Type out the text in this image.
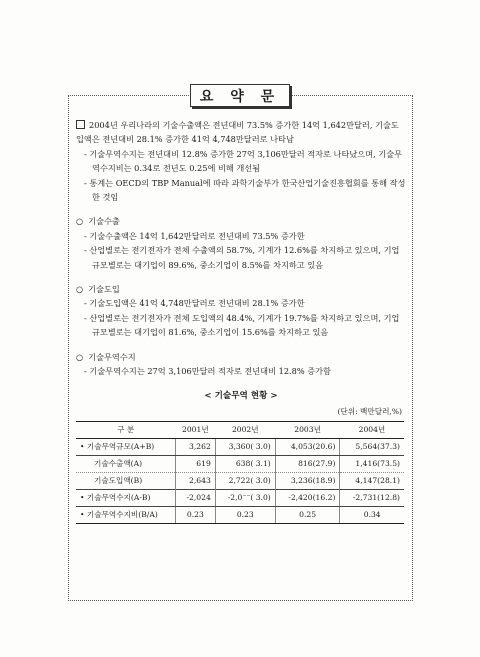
요 약 문

2004년 우리나라의 기술수출액은 전년대비 73.5% 증가한 14억 1,642만달러, 기술도입액은 전년대비 28.1% 증가한 41억 4,748만달러로 나타남

- 기술무역수지는 전년대비 12.8% 증가한 27억 3,106만달러 적자로 나타났으며, 기술무역수지비는 0.34로 전년도 0.25에 비해 개선됨

- 통계는 OECD의 TBP Manual에 따라 과학기술부가 한국산업기술진흥협회를 통해 작성한 것임

○ 기술수출

- 기술수출액은 14억 1,642만달러로 전년대비 73.5% 증가한

- 산업별로는 전기전자가 전체 수출액의 58.7%, 기계가 12.6%를 차지하고 있으며, 기업규모별로는 대기업이 89.6%, 중소기업이 8.5%를 차지하고 있음

○ 기술도입

- 기술도입액은 41억 4,748만달러로 전년대비 28.1% 증가한

- 산업별로는 전기전자가 전체 도입액의 48.4%, 기계가 19.7%를 차지하고 있으며, 기업규모별로는 대기업이 81.6%, 중소기업이 15.6%를 차지하고 있음

○ 기술무역수지

- 기술무역수지는 27억 3,106만달러 적자로 전년대비 12.8% 증가함

< 기술무역 현황 >
(단위: 백만달러,%)
구 분	2001년	2002년	2003년	2004년
• 기술무역규모(A+B)	3,262	3,360( 3.0)	4,053(20.6)	5,564(37.3)
기술수출액(A)	619	638( 3.1)	816(27.9)	1,416(73.5)
기술도입액(B)	2,643	2,722( 3.0)	3,236(18.9)	4,147(28.1)
• 기술무역수지(A-B)	-2,024	-2,0⁻⁻( 3.0)	-2,420(16.2)	-2,731(12.8)
• 기술무역수지비(B/A)	0.23	0.23	0.25	0.34
